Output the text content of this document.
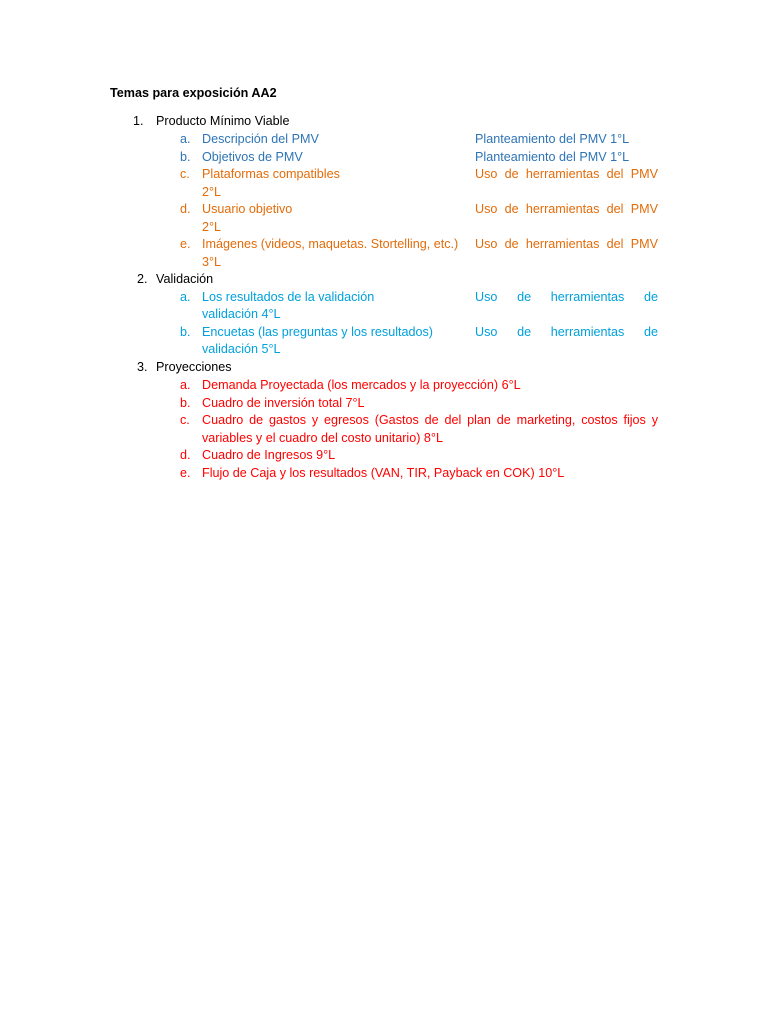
Temas para exposición AA2
1. Producto Mínimo Viable
a. Descripción del PMV	Planteamiento del PMV 1°L
b. Objetivos de PMV	Planteamiento del PMV 1°L
c. Plataformas compatibles	Uso de herramientas del PMV
2°L
d. Usuario objetivo	Uso de herramientas del PMV
2°L
e. Imágenes (videos, maquetas. Stortelling, etc.) Uso de herramientas del PMV
3°L
2. Validación
a. Los resultados de la validación	Uso de herramientas de
validación 4°L
b. Encuetas (las preguntas y los resultados)	Uso de herramientas de
validación 5°L
3. Proyecciones
a. Demanda Proyectada (los mercados y la proyección) 6°L
b. Cuadro de inversión total 7°L
c. Cuadro de gastos y egresos (Gastos de del plan de marketing, costos fijos y
variables y el cuadro del costo unitario) 8°L
d. Cuadro de Ingresos 9°L
e. Flujo de Caja y los resultados (VAN, TIR, Payback en COK) 10°L
